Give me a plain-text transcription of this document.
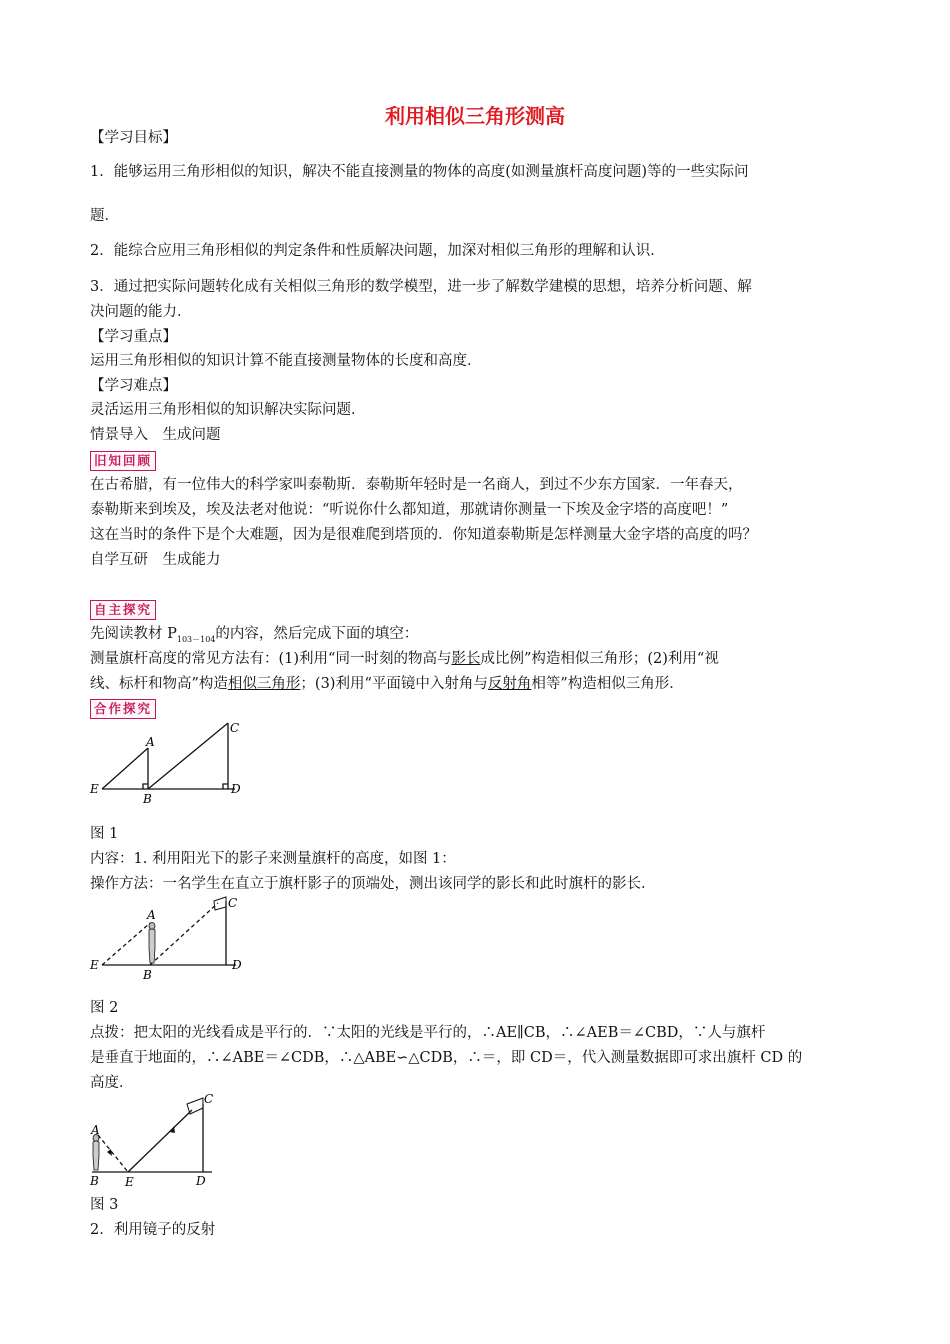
利用相似三角形测高
【学习目标】
1．能够运用三角形相似的知识，解决不能直接测量的物体的高度(如测量旗杆高度问题)等的一些实际问
题．
2．能综合应用三角形相似的判定条件和性质解决问题，加深对相似三角形的理解和认识．
3．通过把实际问题转化成有关相似三角形的数学模型，进一步了解数学建模的思想，培养分析问题、解
决问题的能力．
【学习重点】
运用三角形相似的知识计算不能直接测量物体的长度和高度．
【学习难点】
灵活运用三角形相似的知识解决实际问题．
情景导入　生成问题
旧知回顾
在古希腊，有一位伟大的科学家叫泰勒斯．泰勒斯年轻时是一名商人，到过不少东方国家．一年春天，
泰勒斯来到埃及，埃及法老对他说：“听说你什么都知道，那就请你测量一下埃及金字塔的高度吧！”
这在当时的条件下是个大难题，因为是很难爬到塔顶的．你知道泰勒斯是怎样测量大金字塔的高度的吗？
自学互研　生成能力
自主探究
先阅读教材 $P_{103-104}$的内容，然后完成下面的填空：
测量旗杆高度的常见方法有：(1)利用“同一时刻的物高与影长成比例”构造相似三角形；(2)利用“视
线、标杆和物高”构造相似三角形；(3)利用“平面镜中入射角与反射角相等”构造相似三角形．
合作探究
A
B
C
D
E
图 1
内容：1. 利用阳光下的影子来测量旗杆的高度，如图 1：
操作方法：一名学生在直立于旗杆影子的顶端处，测出该同学的影长和此时旗杆的影长．
A
B
C
D
E
图 2
点拨：把太阳的光线看成是平行的．∵太阳的光线是平行的，∴AE∥CB，∴∠AEB＝∠CBD，∵人与旗杆
是垂直于地面的，∴∠ABE＝∠CDB，∴△ABE∽△CDB，∴＝，即 CD＝，代入测量数据即可求出旗杆 CD 的
高度．
A
B
C
D
E
图 3
2．利用镜子的反射
